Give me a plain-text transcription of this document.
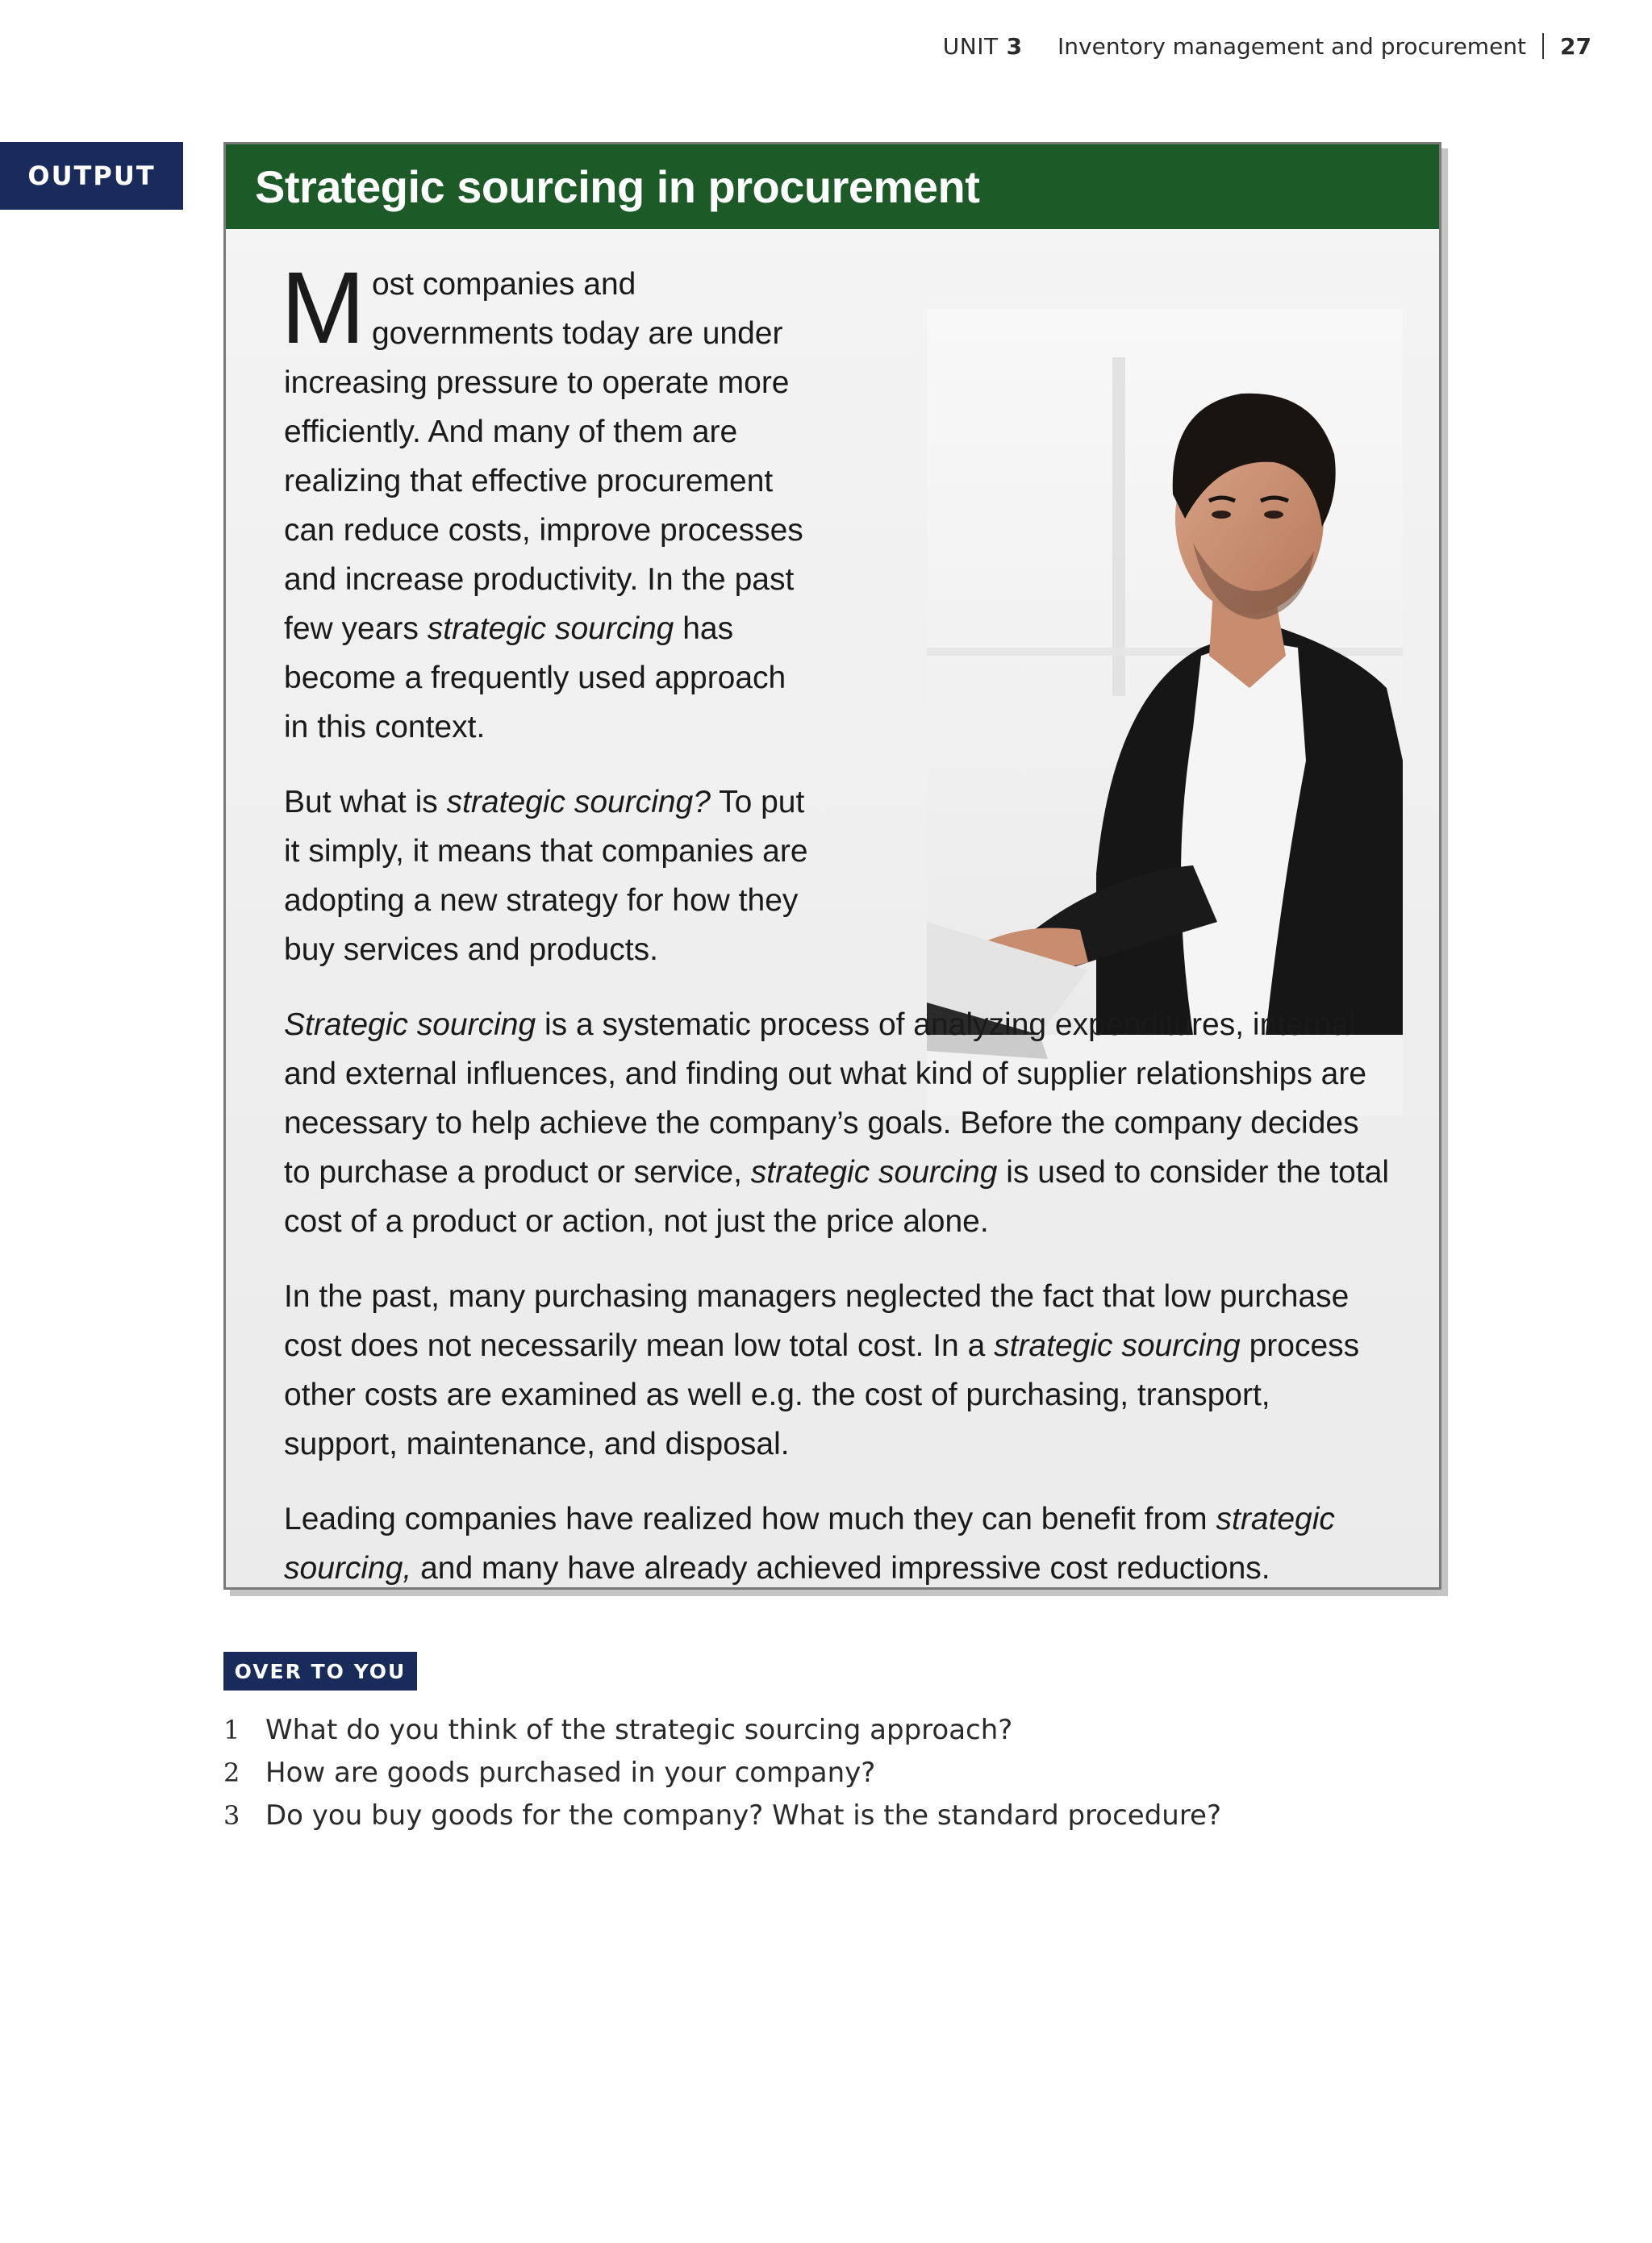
UNIT 3 Inventory management and procurement 27
OUTPUT	Strategic sourcing in procurement

Most companies and governments today are under increasing pressure to operate more efficiently. And many of them are realizing that effective procurement can reduce costs, improve processes and increase productivity. In the past few years strategic sourcing has become a frequently used approach in this context.

But what is strategic sourcing? To put it simply, it means that companies are adopting a new strategy for how they buy services and products.

Strategic sourcing is a systematic process of analyzing expenditures, internal and external influences, and finding out what kind of supplier relationships are necessary to help achieve the company’s goals. Before the company decides to purchase a product or service, strategic sourcing is used to consider the total cost of a product or action, not just the price alone.

In the past, many purchasing managers neglected the fact that low purchase cost does not necessarily mean low total cost. In a strategic sourcing process other costs are examined as well e.g. the cost of purchasing, transport, support, maintenance, and disposal.

Leading companies have realized how much they can benefit from strategic sourcing, and many have already achieved impressive cost reductions.

OVER TO YOU
1 What do you think of the strategic sourcing approach?
2 How are goods purchased in your company?
3 Do you buy goods for the company? What is the standard procedure?
